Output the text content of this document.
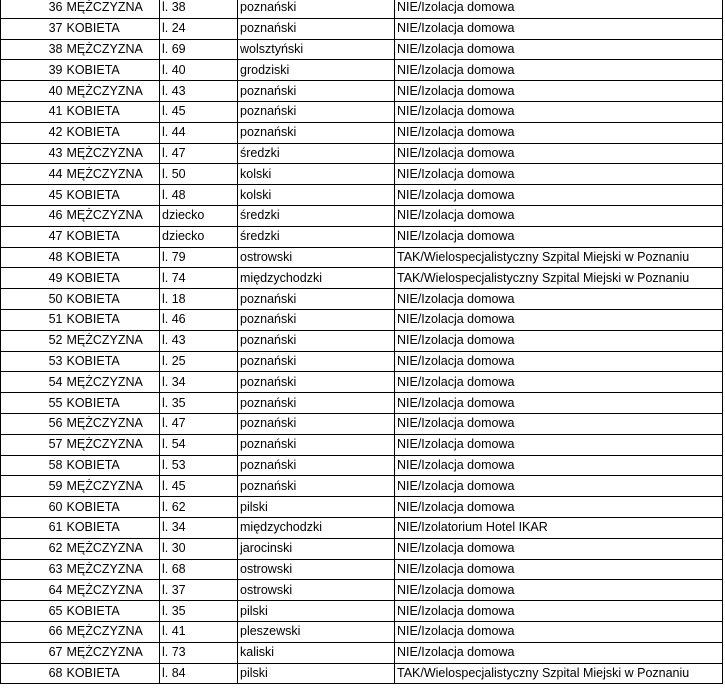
36	MĘŻCZYZNA	l. 38	poznański	NIE/Izolacja domowa
37	KOBIETA	l. 24	poznański	NIE/Izolacja domowa
38	MĘŻCZYZNA	l. 69	wolsztyński	NIE/Izolacja domowa
39	KOBIETA	l. 40	grodziski	NIE/Izolacja domowa
40	MĘŻCZYZNA	l. 43	poznański	NIE/Izolacja domowa
41	KOBIETA	l. 45	poznański	NIE/Izolacja domowa
42	KOBIETA	l. 44	poznański	NIE/Izolacja domowa
43	MĘŻCZYZNA	l. 47	średzki	NIE/Izolacja domowa
44	MĘŻCZYZNA	l. 50	kolski	NIE/Izolacja domowa
45	KOBIETA	l. 48	kolski	NIE/Izolacja domowa
46	MĘŻCZYZNA	dziecko	średzki	NIE/Izolacja domowa
47	KOBIETA	dziecko	średzki	NIE/Izolacja domowa
48	KOBIETA	l. 79	ostrowski	TAK/Wielospecjalistyczny Szpital Miejski w Poznaniu
49	KOBIETA	l. 74	międzychodzki	TAK/Wielospecjalistyczny Szpital Miejski w Poznaniu
50	KOBIETA	l. 18	poznański	NIE/Izolacja domowa
51	KOBIETA	l. 46	poznański	NIE/Izolacja domowa
52	MĘŻCZYZNA	l. 43	poznański	NIE/Izolacja domowa
53	KOBIETA	l. 25	poznański	NIE/Izolacja domowa
54	MĘŻCZYZNA	l. 34	poznański	NIE/Izolacja domowa
55	KOBIETA	l. 35	poznański	NIE/Izolacja domowa
56	MĘŻCZYZNA	l. 47	poznański	NIE/Izolacja domowa
57	MĘŻCZYZNA	l. 54	poznański	NIE/Izolacja domowa
58	KOBIETA	l. 53	poznański	NIE/Izolacja domowa
59	MĘŻCZYZNA	l. 45	poznański	NIE/Izolacja domowa
60	KOBIETA	l. 62	pilski	NIE/Izolacja domowa
61	KOBIETA	l. 34	międzychodzki	NIE/Izolatorium Hotel IKAR
62	MĘŻCZYZNA	l. 30	jarocinski	NIE/Izolacja domowa
63	MĘŻCZYZNA	l. 68	ostrowski	NIE/Izolacja domowa
64	MĘŻCZYZNA	l. 37	ostrowski	NIE/Izolacja domowa
65	KOBIETA	l. 35	pilski	NIE/Izolacja domowa
66	MĘŻCZYZNA	l. 41	pleszewski	NIE/Izolacja domowa
67	MĘŻCZYZNA	l. 73	kaliski	NIE/Izolacja domowa
68	KOBIETA	l. 84	pilski	TAK/Wielospecjalistyczny Szpital Miejski w Poznaniu
